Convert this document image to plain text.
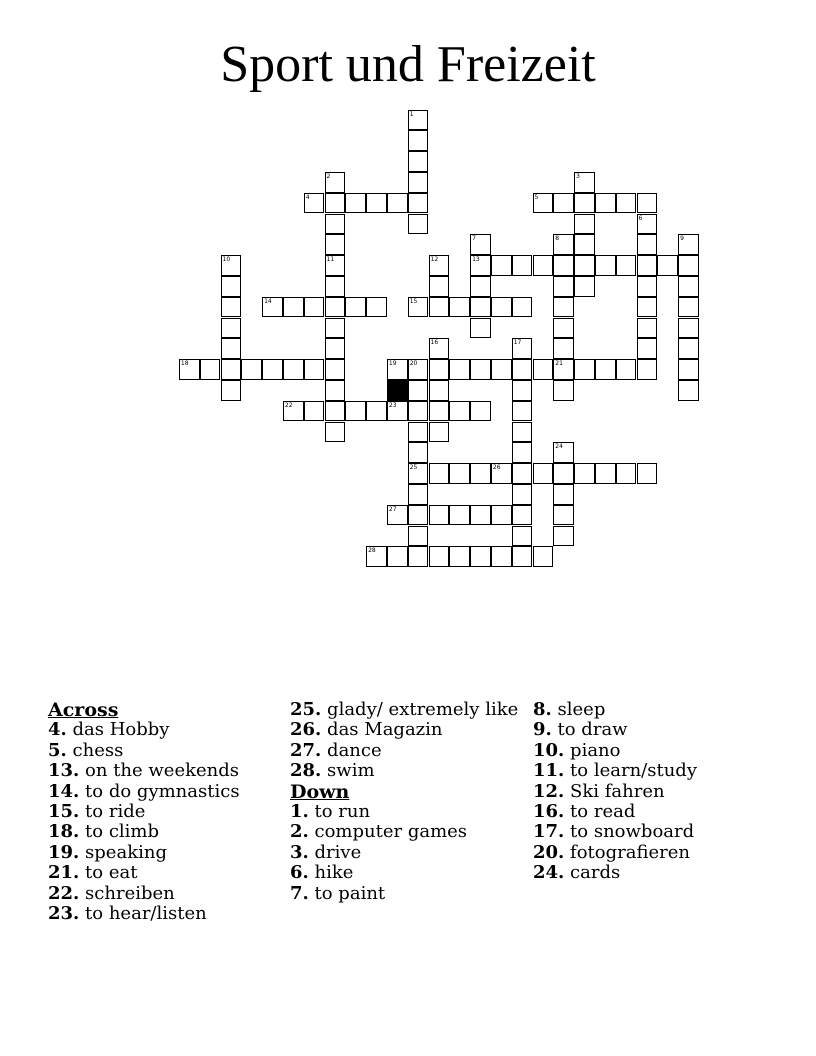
Sport und Freizeit
1
2
11
3
4	5
6
7
13
8
21
9
10	12
14	15
16	17
18	19 20
25
22	23
24
26
27
28
Across
4. das Hobby
5. chess
13. on the weekends
14. to do gymnastics
15. to ride
18. to climb
19. speaking
21. to eat
22. schreiben
23. to hear/listen
25. glady/ extremely like
26. das Magazin
27. dance
28. swim
Down
1. to run
2. computer games
3. drive
6. hike
7. to paint
8. sleep
9. to draw
10. piano
11. to learn/study
12. Ski fahren
16. to read
17. to snowboard
20. fotografieren
24. cards
